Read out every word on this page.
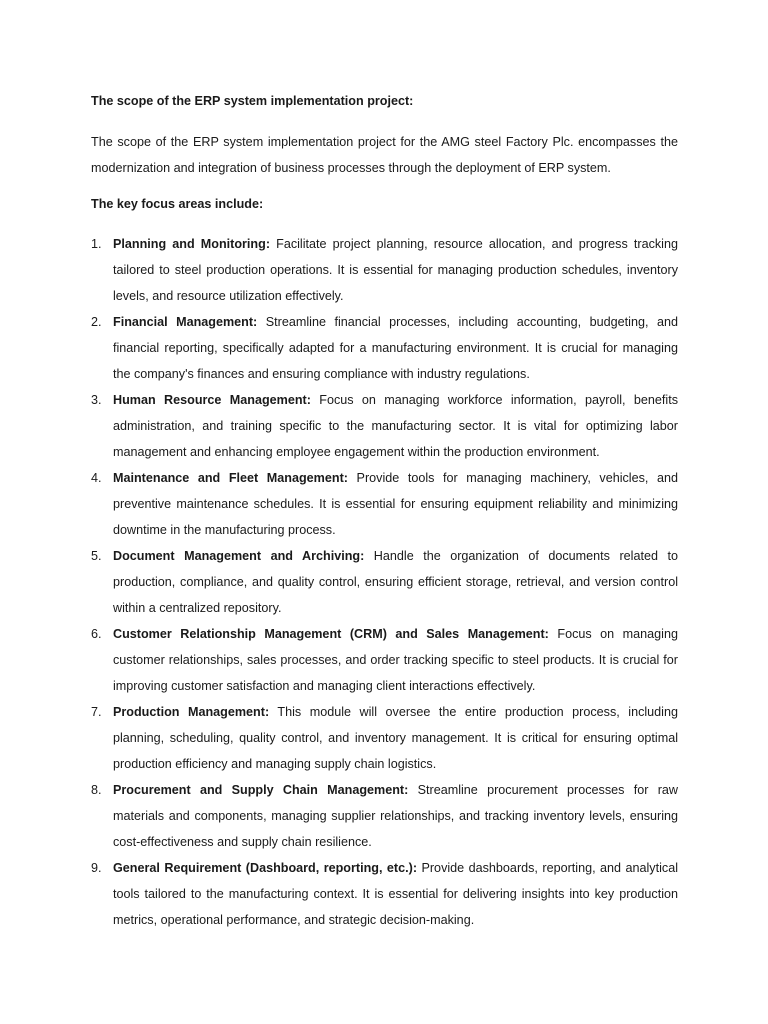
The scope of the ERP system implementation project:

The scope of the ERP system implementation project for the AMG steel Factory Plc. encompasses the modernization and integration of business processes through the deployment of ERP system.

The key focus areas include:

1. Planning and Monitoring: Facilitate project planning, resource allocation, and progress tracking tailored to steel production operations. It is essential for managing production schedules, inventory levels, and resource utilization effectively.
2. Financial Management: Streamline financial processes, including accounting, budgeting, and financial reporting, specifically adapted for a manufacturing environment. It is crucial for managing the company's finances and ensuring compliance with industry regulations.
3. Human Resource Management: Focus on managing workforce information, payroll, benefits administration, and training specific to the manufacturing sector. It is vital for optimizing labor management and enhancing employee engagement within the production environment.
4. Maintenance and Fleet Management: Provide tools for managing machinery, vehicles, and preventive maintenance schedules. It is essential for ensuring equipment reliability and minimizing downtime in the manufacturing process.
5. Document Management and Archiving: Handle the organization of documents related to production, compliance, and quality control, ensuring efficient storage, retrieval, and version control within a centralized repository.
6. Customer Relationship Management (CRM) and Sales Management: Focus on managing customer relationships, sales processes, and order tracking specific to steel products. It is crucial for improving customer satisfaction and managing client interactions effectively.
7. Production Management: This module will oversee the entire production process, including planning, scheduling, quality control, and inventory management. It is critical for ensuring optimal production efficiency and managing supply chain logistics.
8. Procurement and Supply Chain Management: Streamline procurement processes for raw materials and components, managing supplier relationships, and tracking inventory levels, ensuring cost-effectiveness and supply chain resilience.
9. General Requirement (Dashboard, reporting, etc.): Provide dashboards, reporting, and analytical tools tailored to the manufacturing context. It is essential for delivering insights into key production metrics, operational performance, and strategic decision-making.
